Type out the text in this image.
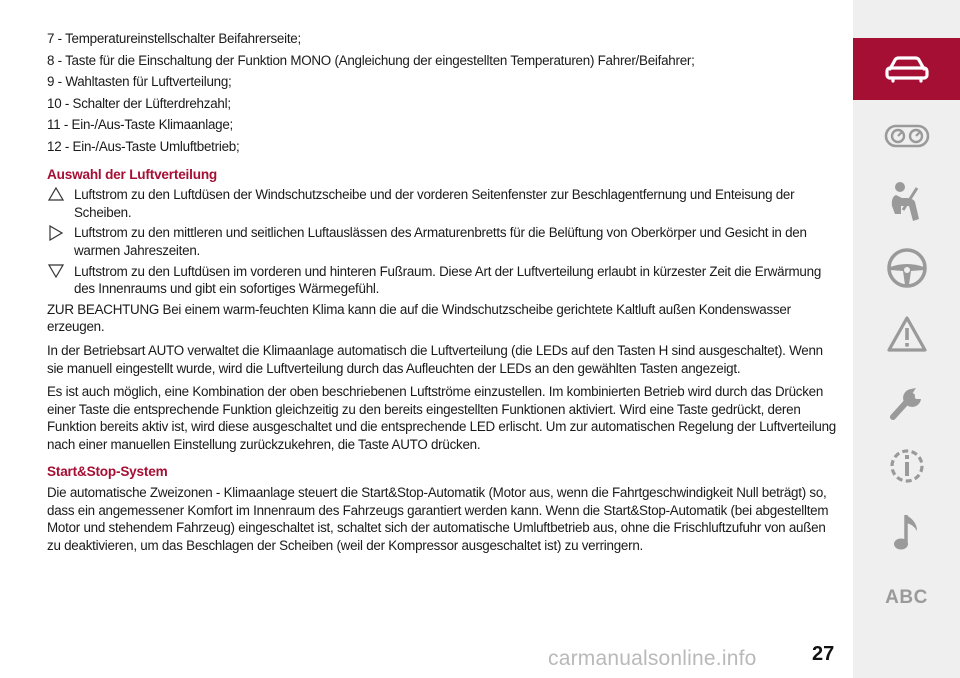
7 - Temperatureinstellschalter Beifahrerseite;
8 - Taste für die Einschaltung der Funktion MONO (Angleichung der eingestellten Temperaturen) Fahrer/Beifahrer;
9 - Wahltasten für Luftverteilung;
10 - Schalter der Lüfterdrehzahl;
11 - Ein-/Aus-Taste Klimaanlage;
12 - Ein-/Aus-Taste Umluftbetrieb;
Auswahl der Luftverteilung
Luftstrom zu den Luftdüsen der Windschutzscheibe und der vorderen Seitenfenster zur Beschlagentfernung und Enteisung der Scheiben.
Luftstrom zu den mittleren und seitlichen Luftauslässen des Armaturenbretts für die Belüftung von Oberkörper und Gesicht in den warmen Jahreszeiten.
Luftstrom zu den Luftdüsen im vorderen und hinteren Fußraum. Diese Art der Luftverteilung erlaubt in kürzester Zeit die Erwärmung des Innenraums und gibt ein sofortiges Wärmegefühl.
ZUR BEACHTUNG Bei einem warm-feuchten Klima kann die auf die Windschutzscheibe gerichtete Kaltluft außen Kondenswasser erzeugen.
In der Betriebsart AUTO verwaltet die Klimaanlage automatisch die Luftverteilung (die LEDs auf den Tasten H sind ausgeschaltet). Wenn sie manuell eingestellt wurde, wird die Luftverteilung durch das Aufleuchten der LEDs an den gewählten Tasten angezeigt.
Es ist auch möglich, eine Kombination der oben beschriebenen Luftströme einzustellen. Im kombinierten Betrieb wird durch das Drücken einer Taste die entsprechende Funktion gleichzeitig zu den bereits eingestellten Funktionen aktiviert. Wird eine Taste gedrückt, deren Funktion bereits aktiv ist, wird diese ausgeschaltet und die entsprechende LED erlischt. Um zur automatischen Regelung der Luftverteilung nach einer manuellen Einstellung zurückzukehren, die Taste AUTO drücken.
Start&Stop-System
Die automatische Zweizonen - Klimaanlage steuert die Start&Stop-Automatik (Motor aus, wenn die Fahrtgeschwindigkeit Null beträgt) so, dass ein angemessener Komfort im Innenraum des Fahrzeugs garantiert werden kann. Wenn die Start&Stop-Automatik (bei abgestelltem Motor und stehendem Fahrzeug) eingeschaltet ist, schaltet sich der automatische Umluftbetrieb aus, ohne die Frischluftzufuhr von außen zu deaktivieren, um das Beschlagen der Scheiben (weil der Kompressor ausgeschaltet ist) zu verringern.
ABC
carmanualsonline.info	27
